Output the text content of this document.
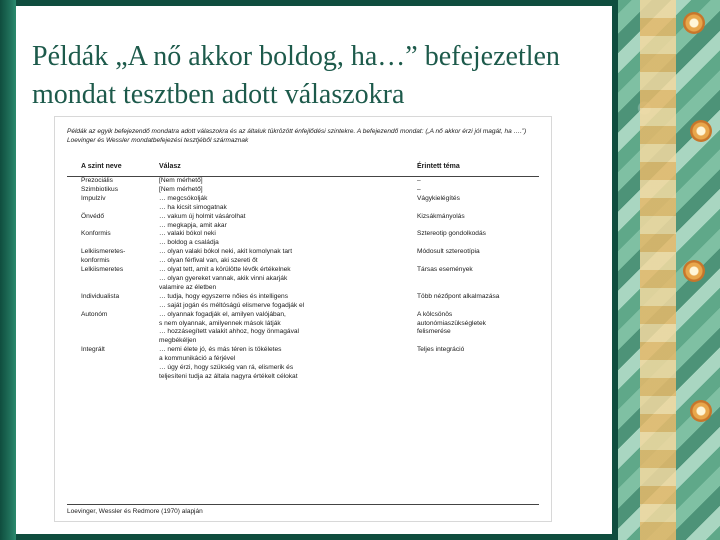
Példák „A nő akkor boldog, ha…” befejezetlen mondat tesztben adott válaszokra

Példák az egyik befejezendő mondatra adott válaszokra és az általuk tükrözött énfejlődési szintekre. A befejezendő mondat: („A nő akkor érzi jól magát, ha ….”) Loevinger és Wessler mondatbefejezési tesztjéből származnak

A szint neve	Válasz	Érintett téma
Prezociális	[Nem mérhető]	–
Szimbiotikus	[Nem mérhető]	–
Impulzív	… megcsókolják	Vágykielégítés
	… ha kicsit simogatnak	
Önvédő	… vakum új holmit vásárolhat	Kizsákmányolás
	… megkapja, amit akar	
Konformis	… valaki bókol neki	Sztereotip gondolkodás
	… boldog a családja	
Lelkiismeretes-	… olyan valaki bókol neki, akit komolynak tart	Módosult sztereotípia
konformis	… olyan férfival van, aki szereti őt	
Lelkiismeretes	… olyat tett, amit a körülötte lévők értékelnek	Társas események
	… olyan gyereket vannak, akik vinni akarják	
	valamire az életben	
Individualista	… tudja, hogy egyszerre nőies és intelligens	Több nézőpont alkalmazása
	… saját jogán és méltóságú elismerve fogadják el	
Autonóm	… olyannak fogadják el, amilyen valójában,	A kölcsönös
	s nem olyannak, amilyennek mások látják	autonómiaszükségletek
	… hozzásegített valakit ahhoz, hogy önmagával	felismerése
	megbékéljen	
Integrált	… nemi élete jó, és más téren is tökéletes	Teljes integráció
	a kommunikáció a férjével	
	… úgy érzi, hogy szükség van rá, elismerik és	
	teljesíteni tudja az általa nagyra értékelt célokat	
Loevinger, Wessler és Redmore (1970) alapján
